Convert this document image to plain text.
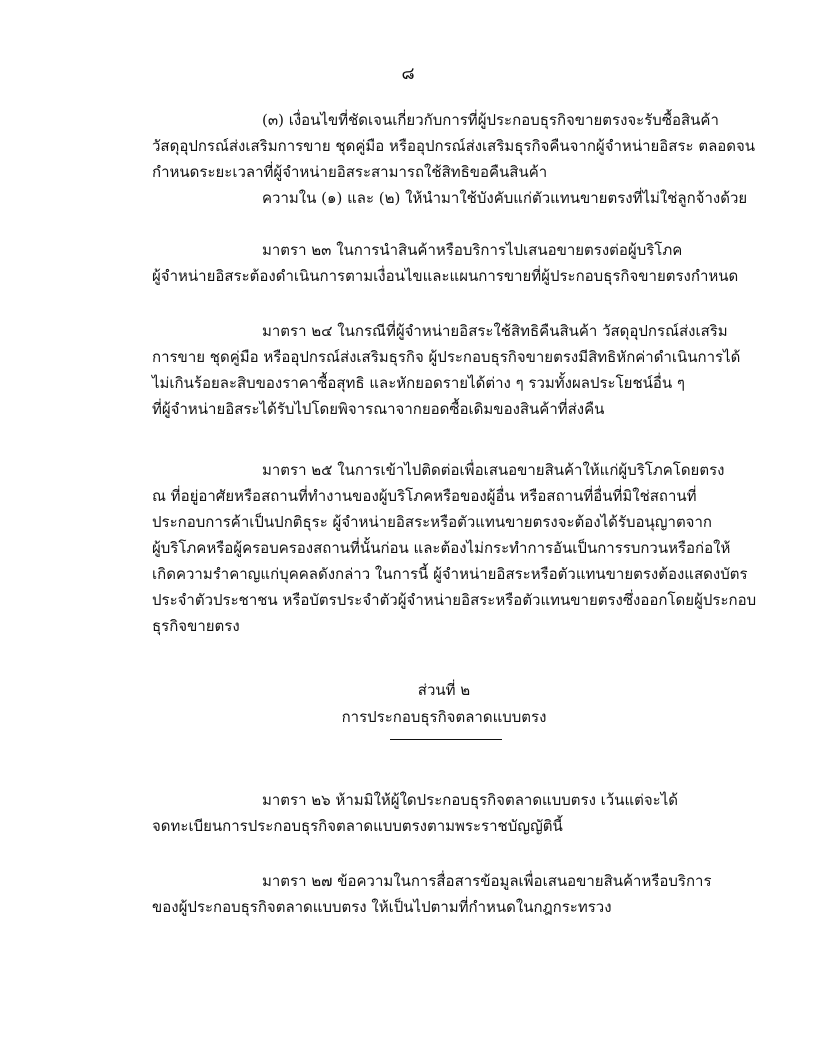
๘
(๓) เงื่อนไขที่ชัดเจนเกี่ยวกับการที่ผู้ประกอบธุรกิจขายตรงจะรับซื้อสินค้า
วัสดุอุปกรณ์ส่งเสริมการขาย ชุดคู่มือ หรืออุปกรณ์ส่งเสริมธุรกิจคืนจากผู้จำหน่ายอิสระ ตลอดจน
กำหนดระยะเวลาที่ผู้จำหน่ายอิสระสามารถใช้สิทธิขอคืนสินค้า
ความใน (๑) และ (๒) ให้นำมาใช้บังคับแก่ตัวแทนขายตรงที่ไม่ใช่ลูกจ้างด้วย
มาตรา ๒๓ ในการนำสินค้าหรือบริการไปเสนอขายตรงต่อผู้บริโภค
ผู้จำหน่ายอิสระต้องดำเนินการตามเงื่อนไขและแผนการขายที่ผู้ประกอบธุรกิจขายตรงกำหนด
มาตรา ๒๔ ในกรณีที่ผู้จำหน่ายอิสระใช้สิทธิคืนสินค้า วัสดุอุปกรณ์ส่งเสริม
การขาย ชุดคู่มือ หรืออุปกรณ์ส่งเสริมธุรกิจ ผู้ประกอบธุรกิจขายตรงมีสิทธิหักค่าดำเนินการได้
ไม่เกินร้อยละสิบของราคาซื้อสุทธิ และหักยอดรายได้ต่าง ๆ รวมทั้งผลประโยชน์อื่น ๆ
ที่ผู้จำหน่ายอิสระได้รับไปโดยพิจารณาจากยอดซื้อเดิมของสินค้าที่ส่งคืน
มาตรา ๒๕ ในการเข้าไปติดต่อเพื่อเสนอขายสินค้าให้แก่ผู้บริโภคโดยตรง
ณ ที่อยู่อาศัยหรือสถานที่ทำงานของผู้บริโภคหรือของผู้อื่น หรือสถานที่อื่นที่มิใช่สถานที่
ประกอบการค้าเป็นปกติธุระ ผู้จำหน่ายอิสระหรือตัวแทนขายตรงจะต้องได้รับอนุญาตจาก
ผู้บริโภคหรือผู้ครอบครองสถานที่นั้นก่อน และต้องไม่กระทำการอันเป็นการรบกวนหรือก่อให้
เกิดความรำคาญแก่บุคคลดังกล่าว ในการนี้ ผู้จำหน่ายอิสระหรือตัวแทนขายตรงต้องแสดงบัตร
ประจำตัวประชาชน หรือบัตรประจำตัวผู้จำหน่ายอิสระหรือตัวแทนขายตรงซึ่งออกโดยผู้ประกอบ
ธุรกิจขายตรง
ส่วนที่ ๒
การประกอบธุรกิจตลาดแบบตรง
มาตรา ๒๖ ห้ามมิให้ผู้ใดประกอบธุรกิจตลาดแบบตรง เว้นแต่จะได้
จดทะเบียนการประกอบธุรกิจตลาดแบบตรงตามพระราชบัญญัตินี้
มาตรา ๒๗ ข้อความในการสื่อสารข้อมูลเพื่อเสนอขายสินค้าหรือบริการ
ของผู้ประกอบธุรกิจตลาดแบบตรง ให้เป็นไปตามที่กำหนดในกฎกระทรวง
